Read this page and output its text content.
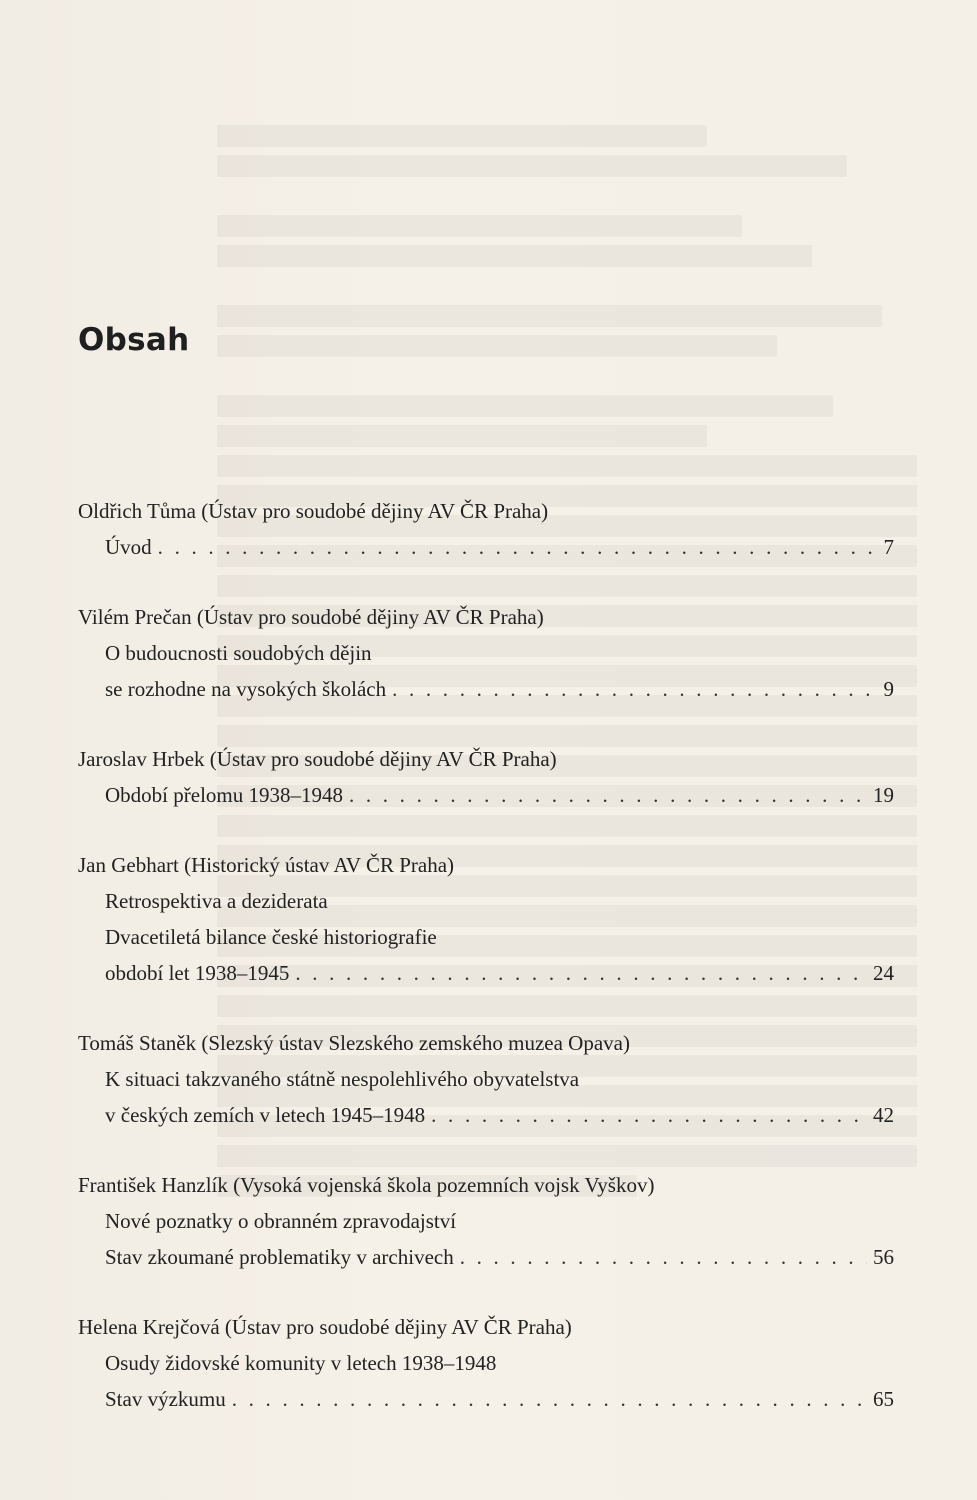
Obsah
Oldřich Tůma (Ústav pro soudobé dějiny AV ČR Praha)
Úvod . . .	7
Vilém Prečan (Ústav pro soudobé dějiny AV ČR Praha)
O budoucnosti soudobých dějin
se rozhodne na vysokých školách . . .	9
Jaroslav Hrbek (Ústav pro soudobé dějiny AV ČR Praha)
Období přelomu 1938–1948 . . .	19
Jan Gebhart (Historický ústav AV ČR Praha)
Retrospektiva a deziderata
Dvacetiletá bilance české historiografie
období let 1938–1945 . . .	24
Tomáš Staněk (Slezský ústav Slezského zemského muzea Opava)
K situaci takzvaného státně nespolehlivého obyvatelstva
v českých zemích v letech 1945–1948 . . .	42
František Hanzlík (Vysoká vojenská škola pozemních vojsk Vyškov)
Nové poznatky o obranném zpravodajství
Stav zkoumané problematiky v archivech . . .	56
Helena Krejčová (Ústav pro soudobé dějiny AV ČR Praha)
Osudy židovské komunity v letech 1938–1948
Stav výzkumu . . .	65
